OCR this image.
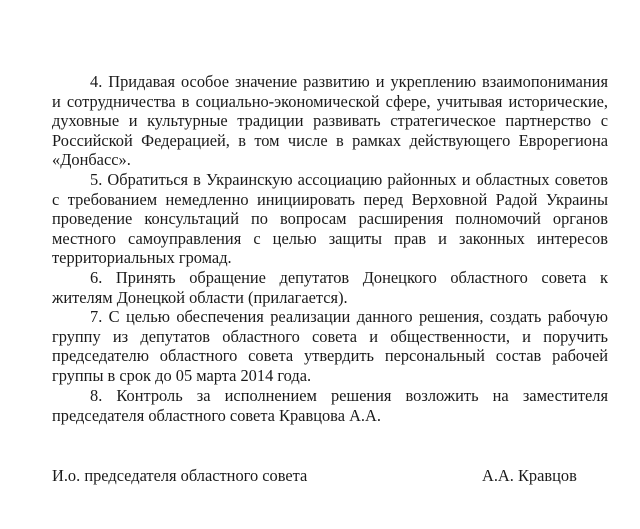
4. Придавая особое значение развитию и укреплению взаимопонимания
и сотрудничества в социально-экономической сфере, учитывая исторические,
духовные и культурные традиции развивать стратегическое партнерство с
Российской Федерацией, в том числе в рамках действующего Еврорегиона
«Донбасс».
5. Обратиться в Украинскую ассоциацию районных и областных советов
с требованием немедленно инициировать перед Верховной Радой Украины
проведение консультаций по вопросам расширения полномочий органов
местного самоуправления с целью защиты прав и законных интересов
территориальных громад.
6. Принять обращение депутатов Донецкого областного совета к
жителям Донецкой области (прилагается).
7. С целью обеспечения реализации данного решения, создать рабочую
группу из депутатов областного совета и общественности, и поручить
председателю областного совета утвердить персональный состав рабочей
группы в срок до 05 марта 2014 года.
8. Контроль за исполнением решения возложить на заместителя
председателя областного совета Кравцова А.А.
И.о. председателя областного совета	А.А. Кравцов
